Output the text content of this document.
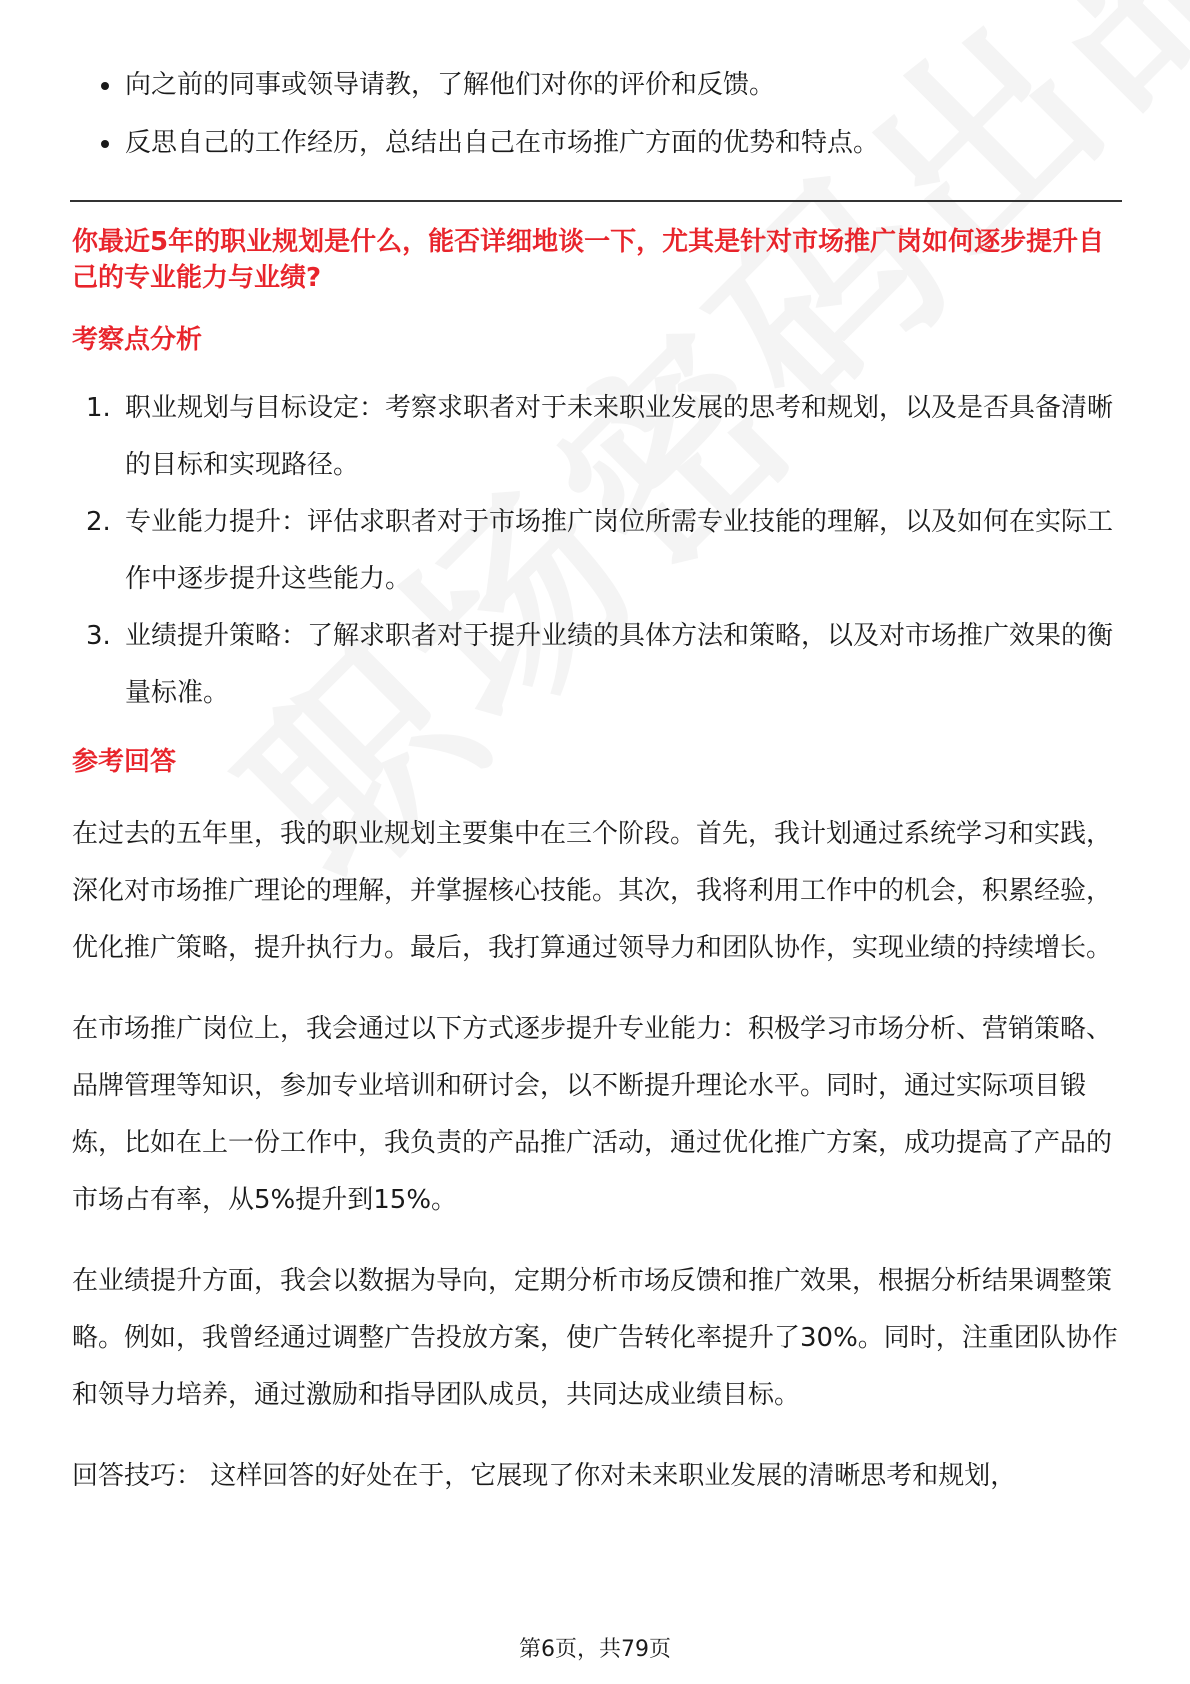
向之前的同事或领导请教，了解他们对你的评价和反馈。
反思自己的工作经历，总结出自己在市场推广方面的优势和特点。
你最近5年的职业规划是什么，能否详细地谈一下，尤其是针对市场推广岗如何逐步提升自己的专业能力与业绩?
考察点分析
1. 职业规划与目标设定：考察求职者对于未来职业发展的思考和规划，以及是否具备清晰的目标和实现路径。
2. 专业能力提升：评估求职者对于市场推广岗位所需专业技能的理解，以及如何在实际工作中逐步提升这些能力。
3. 业绩提升策略：了解求职者对于提升业绩的具体方法和策略，以及对市场推广效果的衡量标准。
参考回答

在过去的五年里，我的职业规划主要集中在三个阶段。首先，我计划通过系统学习和实践，深化对市场推广理论的理解，并掌握核心技能。其次，我将利用工作中的机会，积累经验，优化推广策略，提升执行力。最后，我打算通过领导力和团队协作，实现业绩的持续增长。

在市场推广岗位上，我会通过以下方式逐步提升专业能力：积极学习市场分析、营销策略、品牌管理等知识，参加专业培训和研讨会，以不断提升理论水平。同时，通过实际项目锻炼，比如在上一份工作中，我负责的产品推广活动，通过优化推广方案，成功提高了产品的市场占有率，从5%提升到15%。

在业绩提升方面，我会以数据为导向，定期分析市场反馈和推广效果，根据分析结果调整策略。例如，我曾经通过调整广告投放方案，使广告转化率提升了30%。同时，注重团队协作和领导力培养，通过激励和指导团队成员，共同达成业绩目标。

回答技巧： 这样回答的好处在于，它展现了你对未来职业发展的清晰思考和规划，

第6页，共79页
